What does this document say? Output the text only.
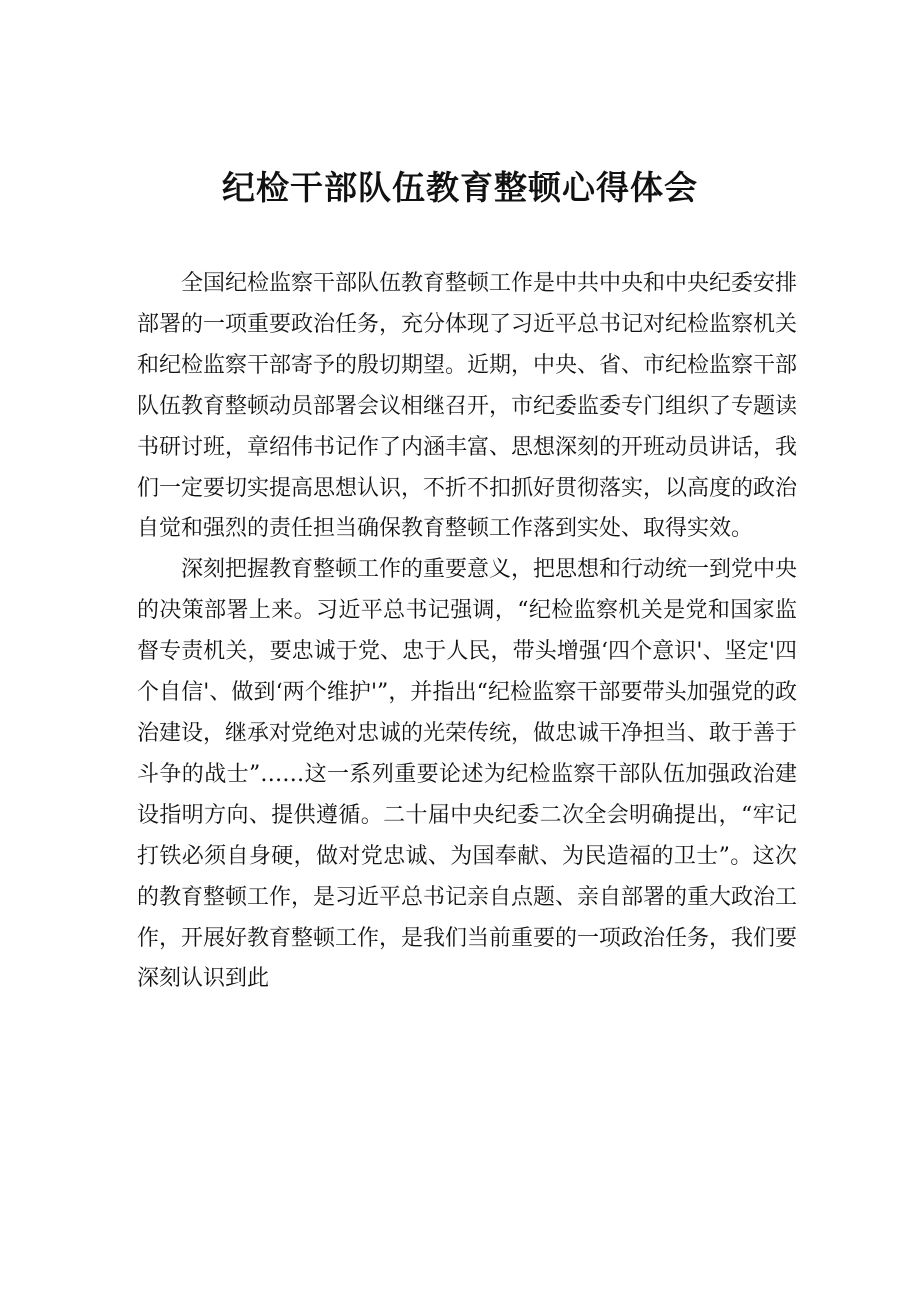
纪检干部队伍教育整顿心得体会

全国纪检监察干部队伍教育整顿工作是中共中央和中央纪委安排部署的一项重要政治任务，充分体现了习近平总书记对纪检监察机关和纪检监察干部寄予的殷切期望。近期，中央、省、市纪检监察干部队伍教育整顿动员部署会议相继召开，市纪委监委专门组织了专题读书研讨班，章绍伟书记作了内涵丰富、思想深刻的开班动员讲话，我们一定要切实提高思想认识，不折不扣抓好贯彻落实，以高度的政治自觉和强烈的责任担当确保教育整顿工作落到实处、取得实效。

深刻把握教育整顿工作的重要意义，把思想和行动统一到党中央的决策部署上来。习近平总书记强调，“纪检监察机关是党和国家监督专责机关，要忠诚于党、忠于人民，带头增强‘四个意识'、坚定'四个自信'、做到‘两个维护'”，并指出“纪检监察干部要带头加强党的政治建设，继承对党绝对忠诚的光荣传统，做忠诚干净担当、敢于善于斗争的战士”……这一系列重要论述为纪检监察干部队伍加强政治建设指明方向、提供遵循。二十届中央纪委二次全会明确提出，“牢记打铁必须自身硬，做对党忠诚、为国奉献、为民造福的卫士”。这次的教育整顿工作，是习近平总书记亲自点题、亲自部署的重大政治工作，开展好教育整顿工作，是我们当前重要的一项政治任务，我们要深刻认识到此
